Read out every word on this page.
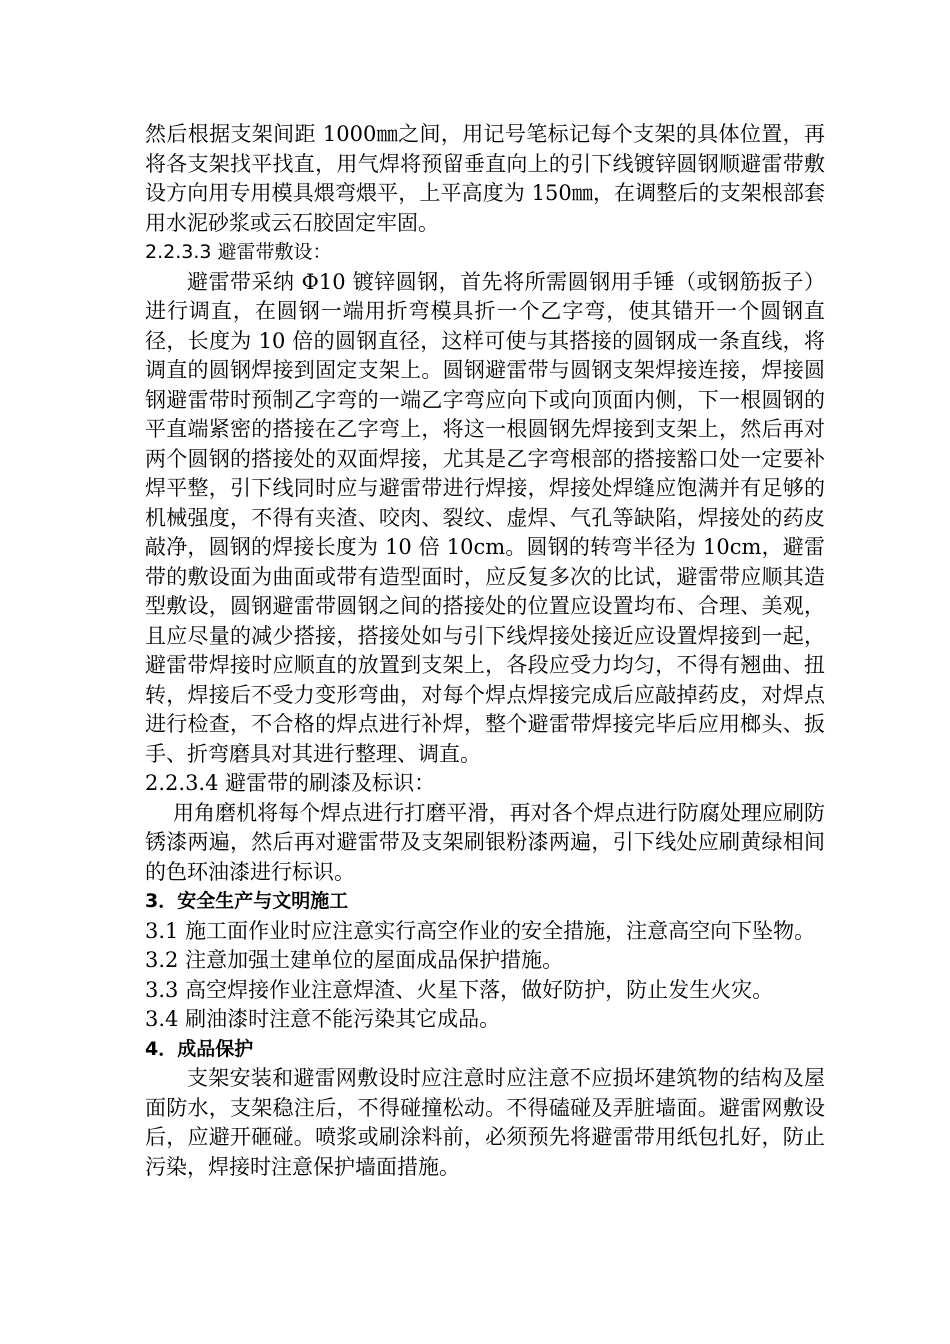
然后根据支架间距 1000㎜之间，用记号笔标记每个支架的具体位置，再将各支架找平找直，用气焊将预留垂直向上的引下线镀锌圆钢顺避雷带敷设方向用专用模具煨弯煨平，上平高度为 150㎜，在调整后的支架根部套用水泥砂浆或云石胶固定牢固。

2.2.3.3 避雷带敷设：

避雷带采纳 Φ10 镀锌圆钢，首先将所需圆钢用手锤（或钢筋扳子）进行调直，在圆钢一端用折弯模具折一个乙字弯，使其错开一个圆钢直径，长度为 10 倍的圆钢直径，这样可使与其搭接的圆钢成一条直线，将调直的圆钢焊接到固定支架上。圆钢避雷带与圆钢支架焊接连接，焊接圆钢避雷带时预制乙字弯的一端乙字弯应向下或向顶面内侧，下一根圆钢的平直端紧密的搭接在乙字弯上，将这一根圆钢先焊接到支架上，然后再对两个圆钢的搭接处的双面焊接，尤其是乙字弯根部的搭接豁口处一定要补焊平整，引下线同时应与避雷带进行焊接，焊接处焊缝应饱满并有足够的机械强度，不得有夹渣、咬肉、裂纹、虚焊、气孔等缺陷，焊接处的药皮敲净，圆钢的焊接长度为 10 倍 10cm。圆钢的转弯半径为 10cm，避雷带的敷设面为曲面或带有造型面时，应反复多次的比试，避雷带应顺其造型敷设，圆钢避雷带圆钢之间的搭接处的位置应设置均布、合理、美观，且应尽量的减少搭接，搭接处如与引下线焊接处接近应设置焊接到一起，避雷带焊接时应顺直的放置到支架上，各段应受力均匀，不得有翘曲、扭转，焊接后不受力变形弯曲，对每个焊点焊接完成后应敲掉药皮，对焊点进行检查，不合格的焊点进行补焊，整个避雷带焊接完毕后应用榔头、扳手、折弯磨具对其进行整理、调直。

2.2.3.4 避雷带的刷漆及标识：

用角磨机将每个焊点进行打磨平滑，再对各个焊点进行防腐处理应刷防锈漆两遍，然后再对避雷带及支架刷银粉漆两遍，引下线处应刷黄绿相间的色环油漆进行标识。

3．安全生产与文明施工

3.1 施工面作业时应注意实行高空作业的安全措施，注意高空向下坠物。

3.2 注意加强土建单位的屋面成品保护措施。

3.3 高空焊接作业注意焊渣、火星下落，做好防护，防止发生火灾。

3.4 刷油漆时注意不能污染其它成品。

4．成品保护

支架安装和避雷网敷设时应注意时应注意不应损坏建筑物的结构及屋面防水，支架稳注后，不得碰撞松动。不得磕碰及弄脏墙面。避雷网敷设后，应避开砸碰。喷浆或刷涂料前，必须预先将避雷带用纸包扎好，防止污染，焊接时注意保护墙面措施。
